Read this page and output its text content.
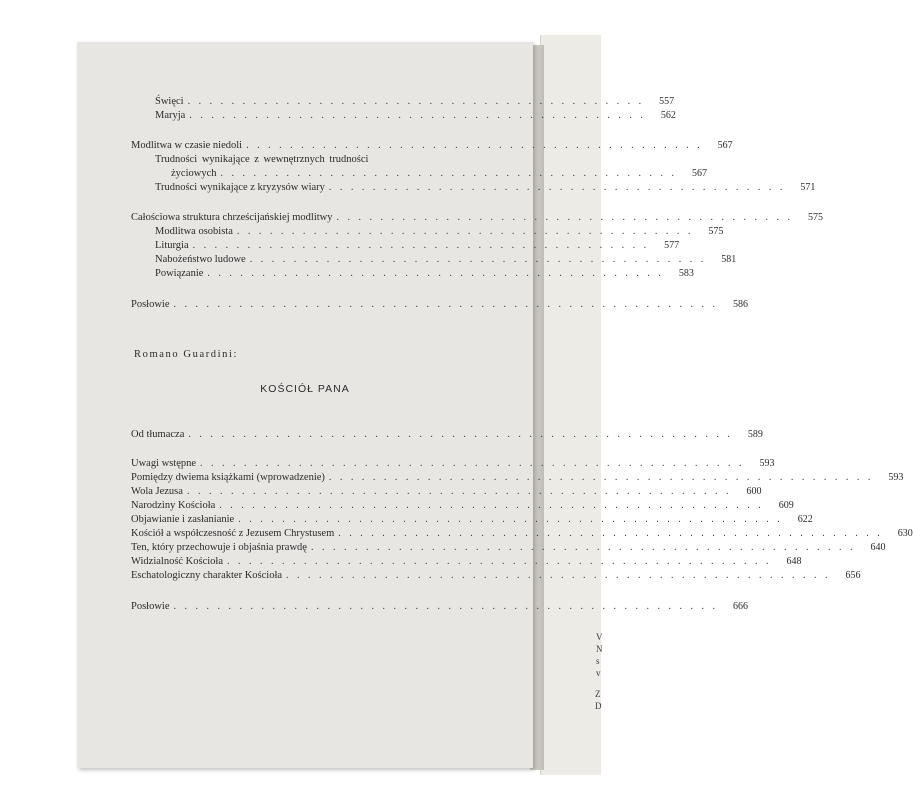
V
N
s
v
Z
D
Święci . . . . . . . . . . . . . . . . . . . . . . . . . . . . . . . . . . . . . . . . . .	557
Maryja . . . . . . . . . . . . . . . . . . . . . . . . . . . . . . . . . . . . . . . . . .	562
Modlitwa w czasie niedoli . . . . . . . . . . . . . . . . . . . . . . . . . . . . . . . . . . . . . . . . . .	567
Trudności wynikające z wewnętrznych trudności
życiowych . . . . . . . . . . . . . . . . . . . . . . . . . . . . . . . . . . . . . . . . . .	567
Trudności wynikające z kryzysów wiary . . . . . . . . . . . . . . . . . . . . . . . . . . . . . . . . . . . . . . . . . .	571
Całościowa struktura chrześcijańskiej modlitwy . . . . . . . . . . . . . . . . . . . . . . . . . . . . . . . . . . . . . . . . . .	575
Modlitwa osobista . . . . . . . . . . . . . . . . . . . . . . . . . . . . . . . . . . . . . . . . . .	575
Liturgia . . . . . . . . . . . . . . . . . . . . . . . . . . . . . . . . . . . . . . . . . .	577
Nabożeństwo ludowe . . . . . . . . . . . . . . . . . . . . . . . . . . . . . . . . . . . . . . . . . .	581
Powiązanie . . . . . . . . . . . . . . . . . . . . . . . . . . . . . . . . . . . . . . . . . .	583
Posłowie . . . . . . . . . . . . . . . . . . . . . . . . . . . . . . . . . . . . . . . . . . . . . . . . . .	586
Romano Guardini:
KOŚCIÓŁ PANA
Od tłumacza . . . . . . . . . . . . . . . . . . . . . . . . . . . . . . . . . . . . . . . . . . . . . . . . . .	589
Uwagi wstępne . . . . . . . . . . . . . . . . . . . . . . . . . . . . . . . . . . . . . . . . . . . . . . . . . .	593
Pomiędzy dwiema książkami (wprowadzenie) . . . . . . . . . . . . . . . . . . . . . . . . . . . . . . . . . . . . . . . . . . . . . . . . . .	593
Wola Jezusa . . . . . . . . . . . . . . . . . . . . . . . . . . . . . . . . . . . . . . . . . . . . . . . . . .	600
Narodziny Kościoła . . . . . . . . . . . . . . . . . . . . . . . . . . . . . . . . . . . . . . . . . . . . . . . . . .	609
Objawianie i zasłanianie . . . . . . . . . . . . . . . . . . . . . . . . . . . . . . . . . . . . . . . . . . . . . . . . . .	622
Kościół a współczesność z Jezusem Chrystusem . . . . . . . . . . . . . . . . . . . . . . . . . . . . . . . . . . . . . . . . . . . . . . . . . .	630
Ten, który przechowuje i objaśnia prawdę . . . . . . . . . . . . . . . . . . . . . . . . . . . . . . . . . . . . . . . . . . . . . . . . . .	640
Widzialność Kościoła . . . . . . . . . . . . . . . . . . . . . . . . . . . . . . . . . . . . . . . . . . . . . . . . . .	648
Eschatologiczny charakter Kościoła . . . . . . . . . . . . . . . . . . . . . . . . . . . . . . . . . . . . . . . . . . . . . . . . . .	656
Posłowie . . . . . . . . . . . . . . . . . . . . . . . . . . . . . . . . . . . . . . . . . . . . . . . . . .	666
